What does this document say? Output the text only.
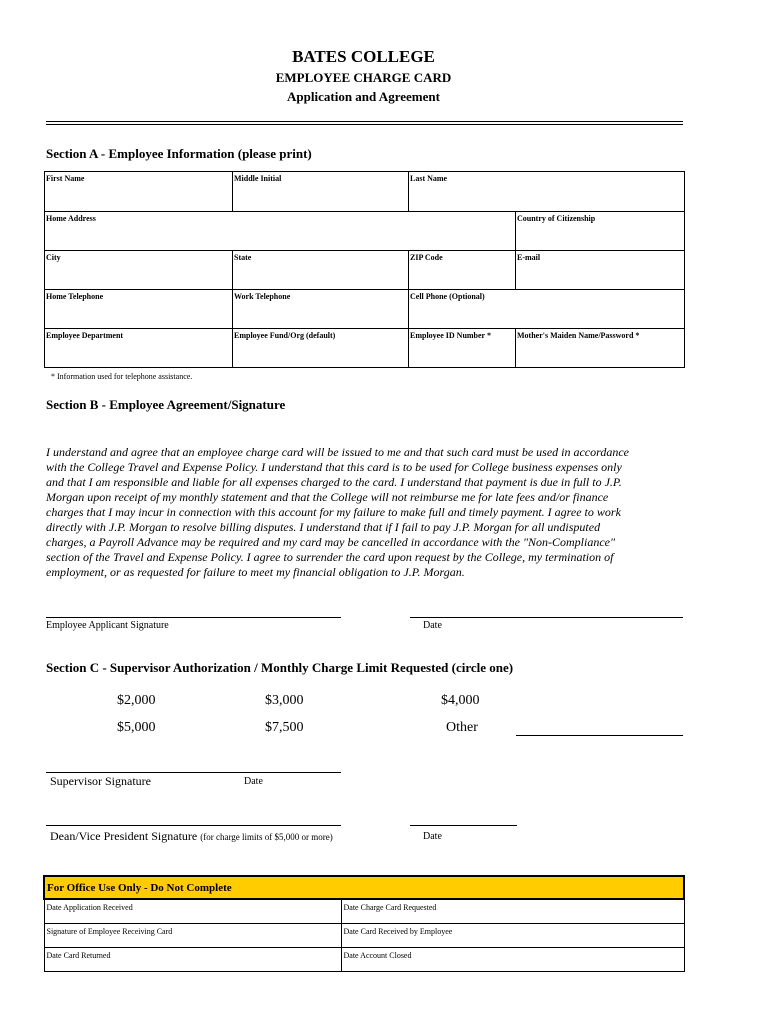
BATES COLLEGE
EMPLOYEE CHARGE CARD
Application and Agreement
Section A - Employee Information (please print)
First Name	Middle Initial	Last Name	
Home Address			Country of Citizenship
City	State	ZIP Code	E-mail
Home Telephone	Work Telephone	Cell Phone (Optional)	
Employee Department	Employee Fund/Org (default)	Employee ID Number *	Mother's Maiden Name/Password *
* Information used for telephone assistance.
Section B - Employee Agreement/Signature
I understand and agree that an employee charge card will be issued to me and that such card must be used in accordance
with the College Travel and Expense Policy. I understand that this card is to be used for College business expenses only
and that I am responsible and liable for all expenses charged to the card. I understand that payment is due in full to J.P.
Morgan upon receipt of my monthly statement and that the College will not reimburse me for late fees and/or finance
charges that I may incur in connection with this account for my failure to make full and timely payment. I agree to work
directly with J.P. Morgan to resolve billing disputes. I understand that if I fail to pay J.P. Morgan for all undisputed
charges, a Payroll Advance may be required and my card may be cancelled in accordance with the "Non-Compliance"
section of the Travel and Expense Policy. I agree to surrender the card upon request by the College, my termination of
employment, or as requested for failure to meet my financial obligation to J.P. Morgan.
Employee Applicant Signature	Date
Section C - Supervisor Authorization / Monthly Charge Limit Requested (circle one)
$2,000	$3,000	$4,000
$5,000	$7,500	Other
Supervisor Signature	Date
Dean/Vice President Signature (for charge limits of $5,000 or more)	Date
For Office Use Only - Do Not Complete	
Date Application Received	Date Charge Card Requested
Signature of Employee Receiving Card	Date Card Received by Employee
Date Card Returned	Date Account Closed
